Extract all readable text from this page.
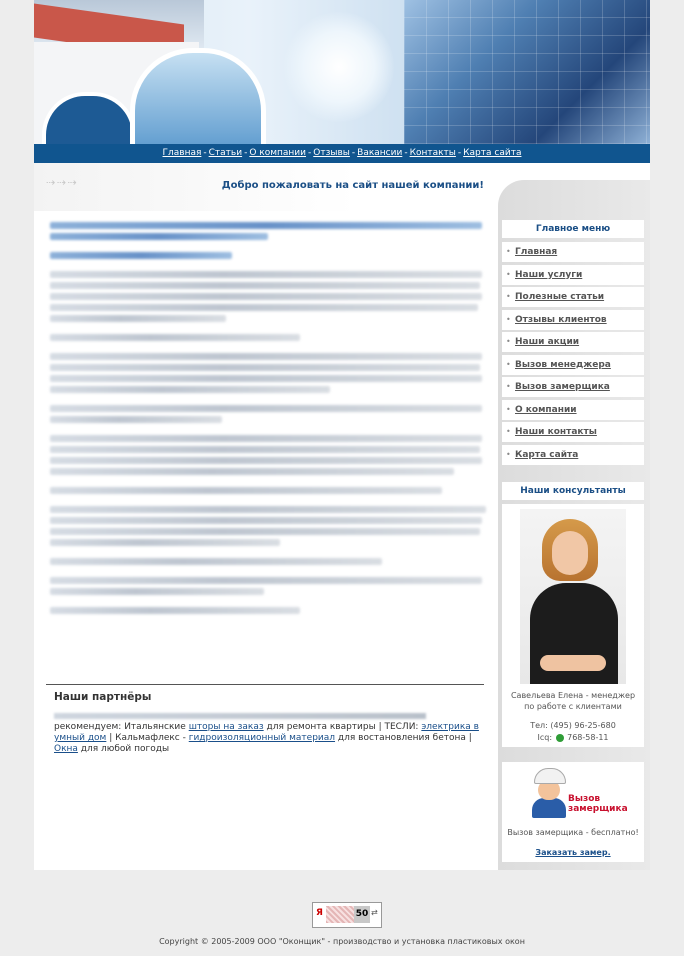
Главная - Статьи - О компании - Отзывы - Вакансии - Контакты - Карта сайта
⇢ ⇢ ⇢	Добро пожаловать на сайт нашей компании!
Наши партнёры
рекомендуем: Итальянские шторы на заказ для ремонта квартиры | ТЕСЛИ: электрика в умный дом | Кальмафлекс - гидроизоляционный материал для востановления бетона | Окна для любой погоды
Главное меню
• Главная
• Наши услуги
• Полезные статьи
• Отзывы клиентов
• Наши акции
• Вызов менеджера
• Вызов замерщика
• О компании
• Наши контакты
• Карта сайта
Наши консультанты
Савельева Елена - менеджер
по работе с клиентами
Тел: (495) 96-25-680
Icq: 768-58-11
Вызов
замерщика
Вызов замерщика - бесплатно!
Заказать замер.
Я	50 ⇄
Copyright © 2005-2009 ООО "Оконщик" - производство и установка пластиковых окон
